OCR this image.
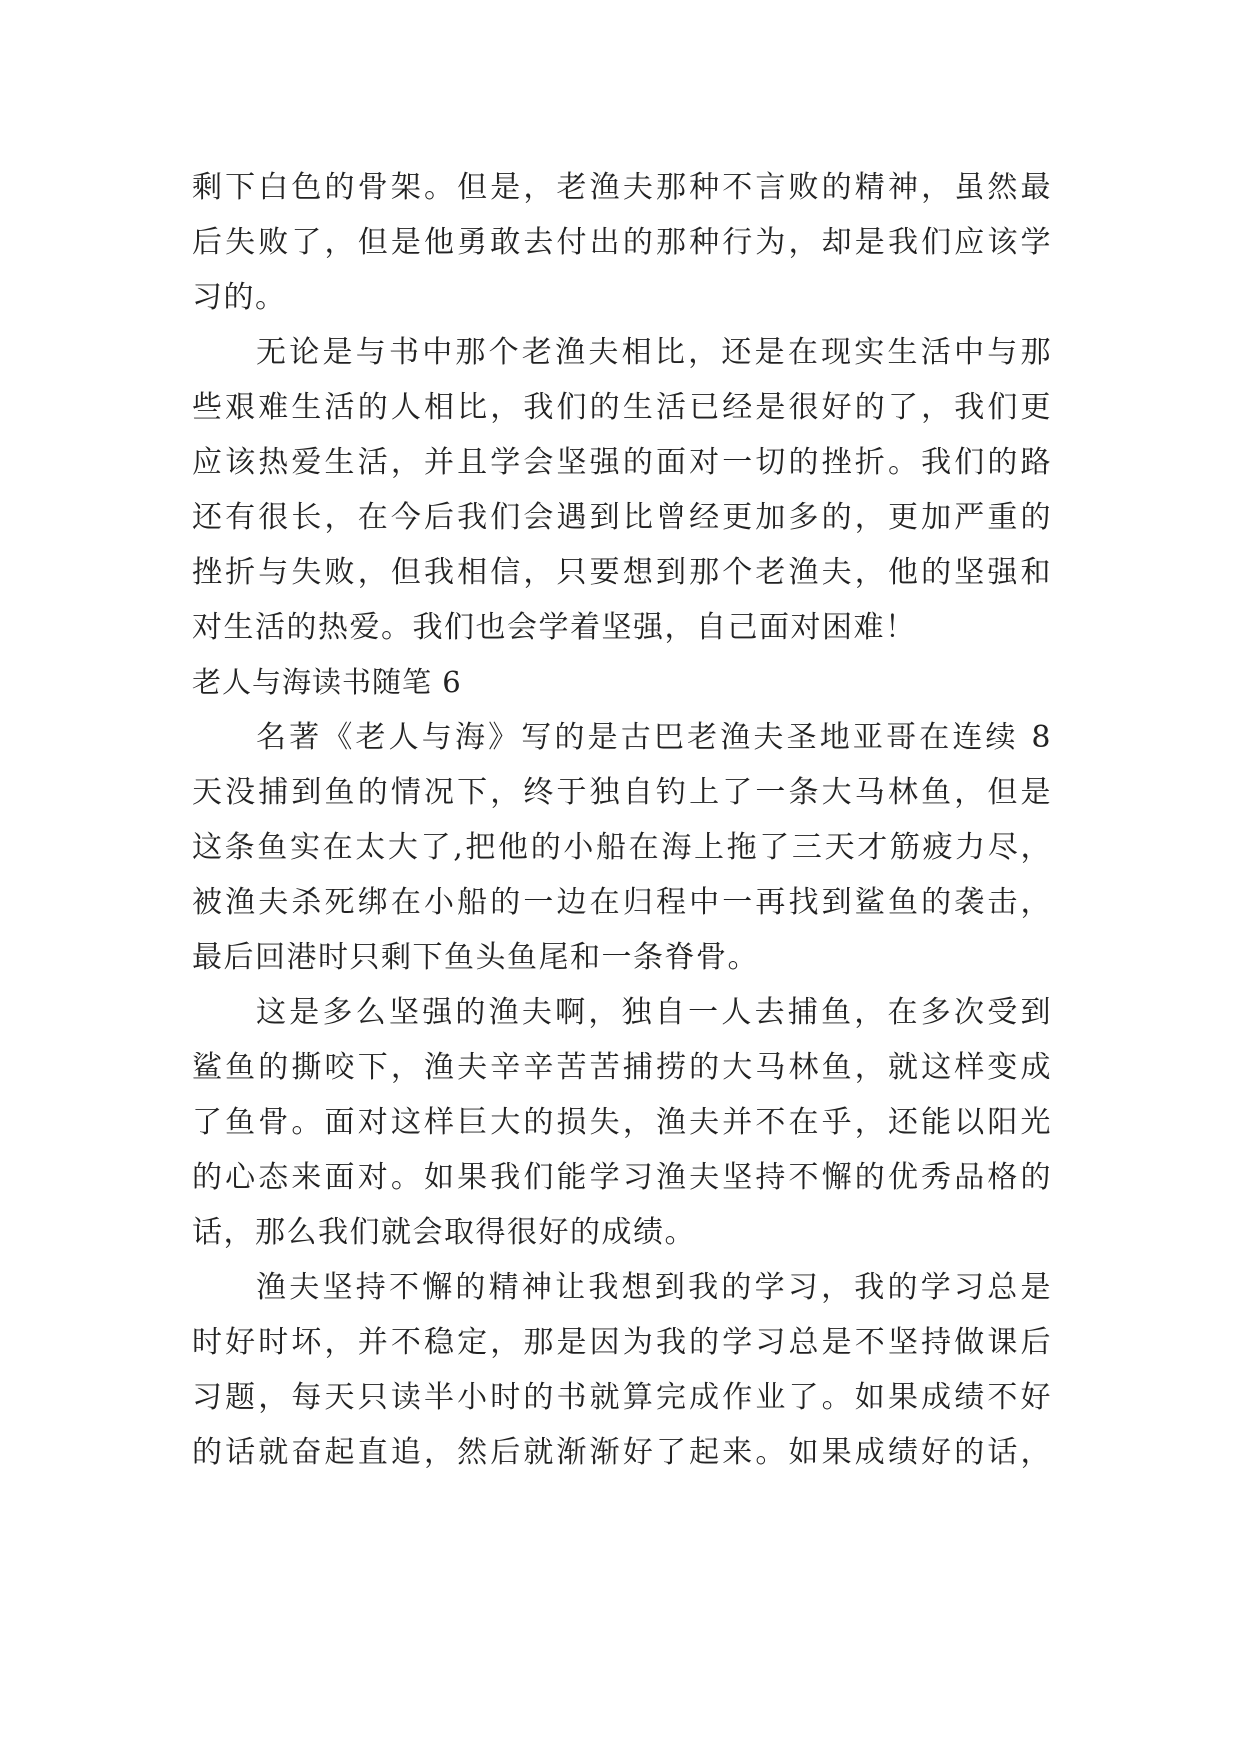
剩下白色的骨架。但是，老渔夫那种不言败的精神，虽然最
后失败了，但是他勇敢去付出的那种行为，却是我们应该学
习的。

无论是与书中那个老渔夫相比，还是在现实生活中与那
些艰难生活的人相比，我们的生活已经是很好的了，我们更
应该热爱生活，并且学会坚强的面对一切的挫折。我们的路
还有很长，在今后我们会遇到比曾经更加多的，更加严重的
挫折与失败，但我相信，只要想到那个老渔夫，他的坚强和
对生活的热爱。我们也会学着坚强，自己面对困难！

老人与海读书随笔 6

名著《老人与海》写的是古巴老渔夫圣地亚哥在连续 8
天没捕到鱼的情况下，终于独自钓上了一条大马林鱼，但是
这条鱼实在太大了,把他的小船在海上拖了三天才筋疲力尽，
被渔夫杀死绑在小船的一边在归程中一再找到鲨鱼的袭击，
最后回港时只剩下鱼头鱼尾和一条脊骨。

这是多么坚强的渔夫啊，独自一人去捕鱼，在多次受到
鲨鱼的撕咬下，渔夫辛辛苦苦捕捞的大马林鱼，就这样变成
了鱼骨。面对这样巨大的损失，渔夫并不在乎，还能以阳光
的心态来面对。如果我们能学习渔夫坚持不懈的优秀品格的
话，那么我们就会取得很好的成绩。

渔夫坚持不懈的精神让我想到我的学习，我的学习总是
时好时坏，并不稳定，那是因为我的学习总是不坚持做课后
习题，每天只读半小时的书就算完成作业了。如果成绩不好
的话就奋起直追，然后就渐渐好了起来。如果成绩好的话，
